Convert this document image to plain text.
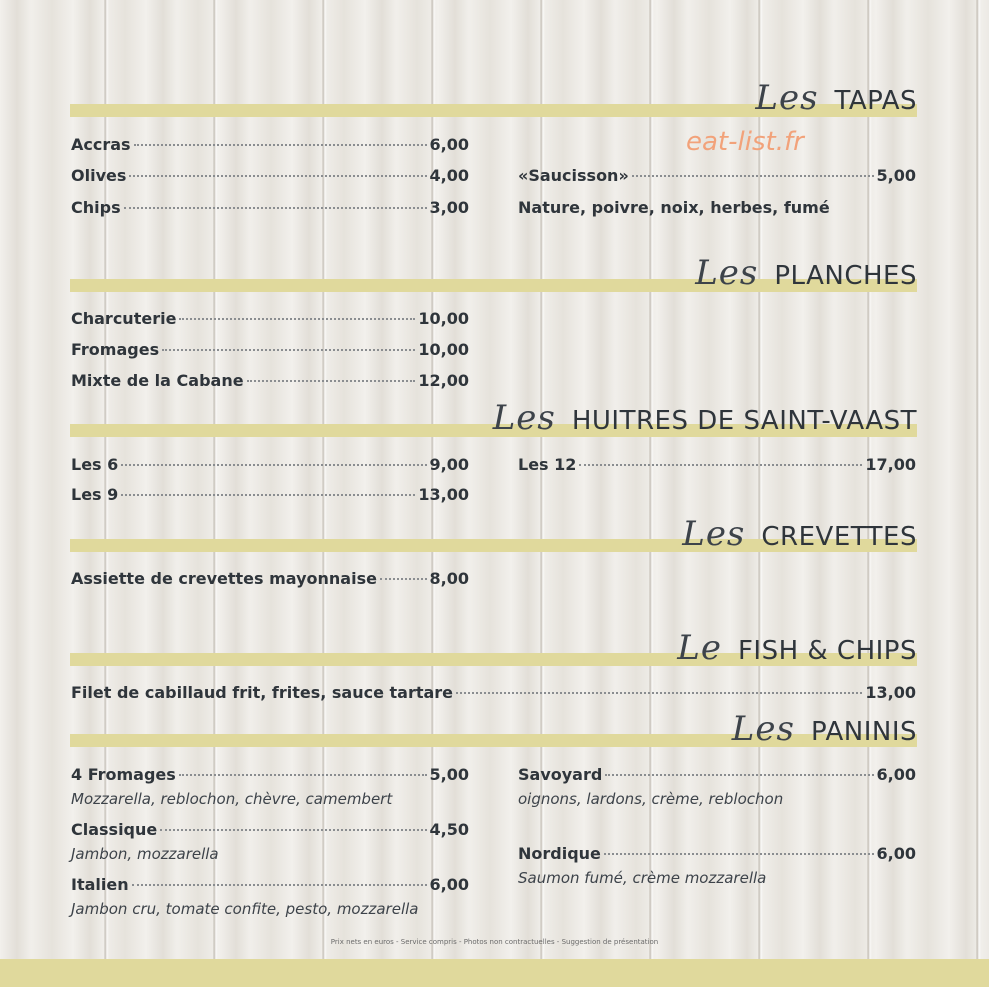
Les TAPAS
eat-list.fr
Accras	6,00
Olives	4,00
Chips	3,00
«Saucisson»	5,00
Nature, poivre, noix, herbes, fumé
Les PLANCHES
Charcuterie	10,00
Fromages	10,00
Mixte de la Cabane	12,00
Les HUITRES DE SAINT-VAAST
Les 6	9,00
Les 9	13,00
Les 12	17,00
Les CREVETTES
Assiette de crevettes mayonnaise	8,00
Le FISH & CHIPS
Filet de cabillaud frit, frites, sauce tartare	13,00
Les PANINIS
4 Fromages	5,00
Mozzarella, reblochon, chèvre, camembert
Classique	4,50
Jambon, mozzarella
Italien	6,00
Jambon cru, tomate confite, pesto, mozzarella
Savoyard	6,00
oignons, lardons, crème, reblochon
Nordique	6,00
Saumon fumé, crème mozzarella
Prix nets en euros - Service compris - Photos non contractuelles - Suggestion de présentation
